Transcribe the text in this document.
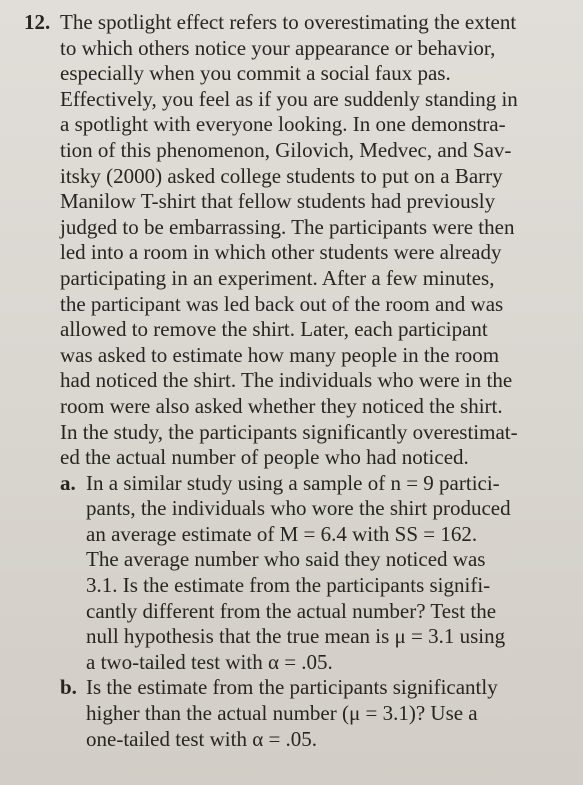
12. The spotlight effect refers to overestimating the extent
to which others notice your appearance or behavior,
especially when you commit a social faux pas.
Effectively, you feel as if you are suddenly standing in
a spotlight with everyone looking. In one demonstra-
tion of this phenomenon, Gilovich, Medvec, and Sav-
itsky (2000) asked college students to put on a Barry
Manilow T-shirt that fellow students had previously
judged to be embarrassing. The participants were then
led into a room in which other students were already
participating in an experiment. After a few minutes,
the participant was led back out of the room and was
allowed to remove the shirt. Later, each participant
was asked to estimate how many people in the room
had noticed the shirt. The individuals who were in the
room were also asked whether they noticed the shirt.
In the study, the participants significantly overestimat-
ed the actual number of people who had noticed.
a. In a similar study using a sample of n = 9 partici-
pants, the individuals who wore the shirt produced
an average estimate of M = 6.4 with SS = 162.
The average number who said they noticed was
3.1. Is the estimate from the participants signifi-
cantly different from the actual number? Test the
null hypothesis that the true mean is μ = 3.1 using
a two-tailed test with α = .05.
b. Is the estimate from the participants significantly
higher than the actual number (μ = 3.1)? Use a
one-tailed test with α = .05.
